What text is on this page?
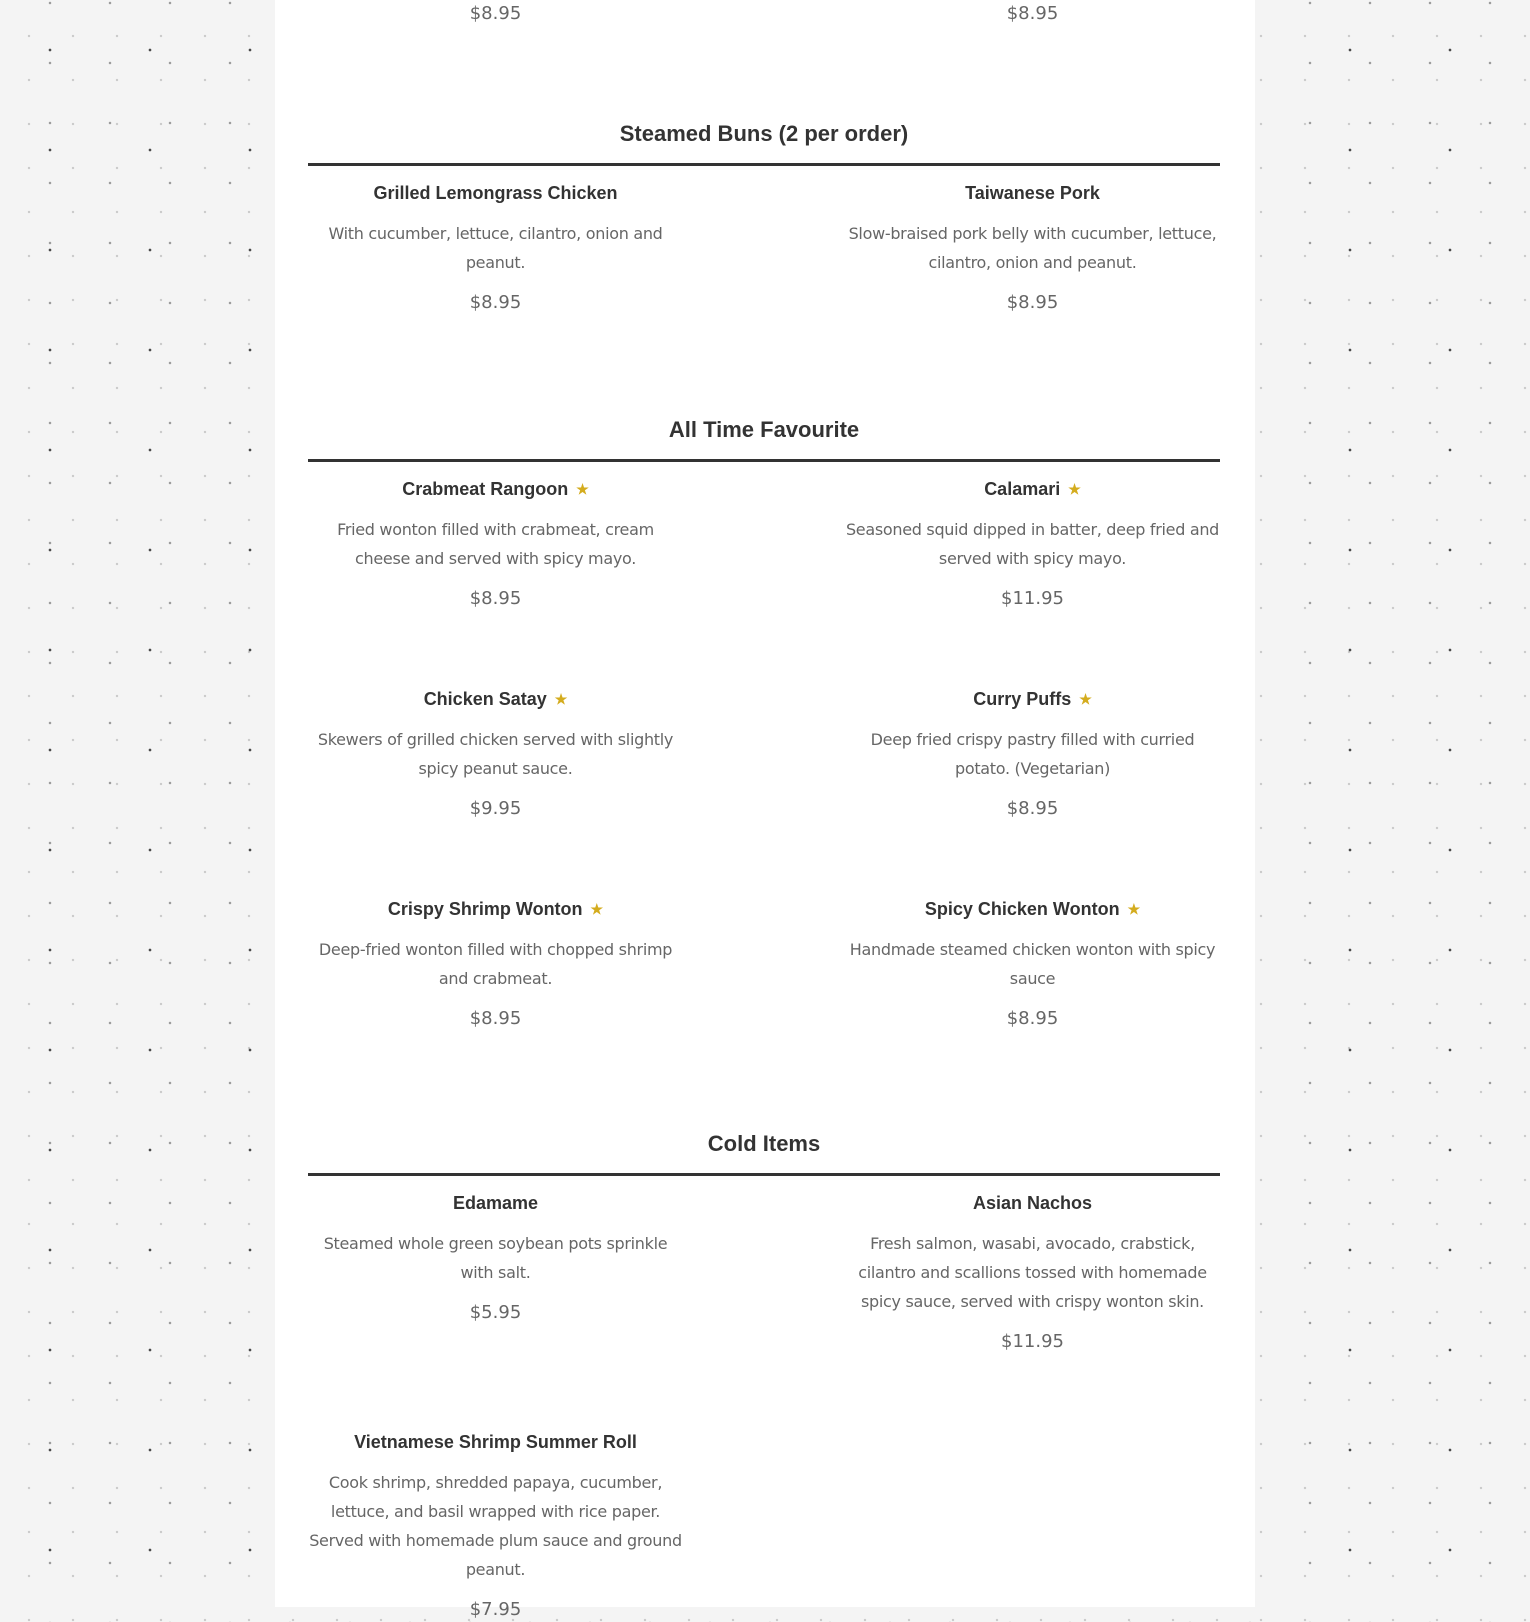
$8.95	$8.95
Steamed Buns (2 per order)
Grilled Lemongrass Chicken
With cucumber, lettuce, cilantro, onion and peanut.
$8.95
Taiwanese Pork
Slow-braised pork belly with cucumber, lettuce, cilantro, onion and peanut.
$8.95
All Time Favourite
Crabmeat Rangoon ★
Fried wonton filled with crabmeat, cream cheese and served with spicy mayo.
$8.95
Calamari ★
Seasoned squid dipped in batter, deep fried and served with spicy mayo.
$11.95
Chicken Satay ★
Skewers of grilled chicken served with slightly spicy peanut sauce.
$9.95
Curry Puffs ★
Deep fried crispy pastry filled with curried potato. (Vegetarian)
$8.95
Crispy Shrimp Wonton ★
Deep-fried wonton filled with chopped shrimp and crabmeat.
$8.95
Spicy Chicken Wonton ★
Handmade steamed chicken wonton with spicy sauce
$8.95
Cold Items
Edamame
Steamed whole green soybean pots sprinkle with salt.
$5.95
Asian Nachos
Fresh salmon, wasabi, avocado, crabstick, cilantro and scallions tossed with homemade spicy sauce, served with crispy wonton skin.
$11.95
Vietnamese Shrimp Summer Roll
Cook shrimp, shredded papaya, cucumber, lettuce, and basil wrapped with rice paper. Served with homemade plum sauce and ground peanut.
$7.95
